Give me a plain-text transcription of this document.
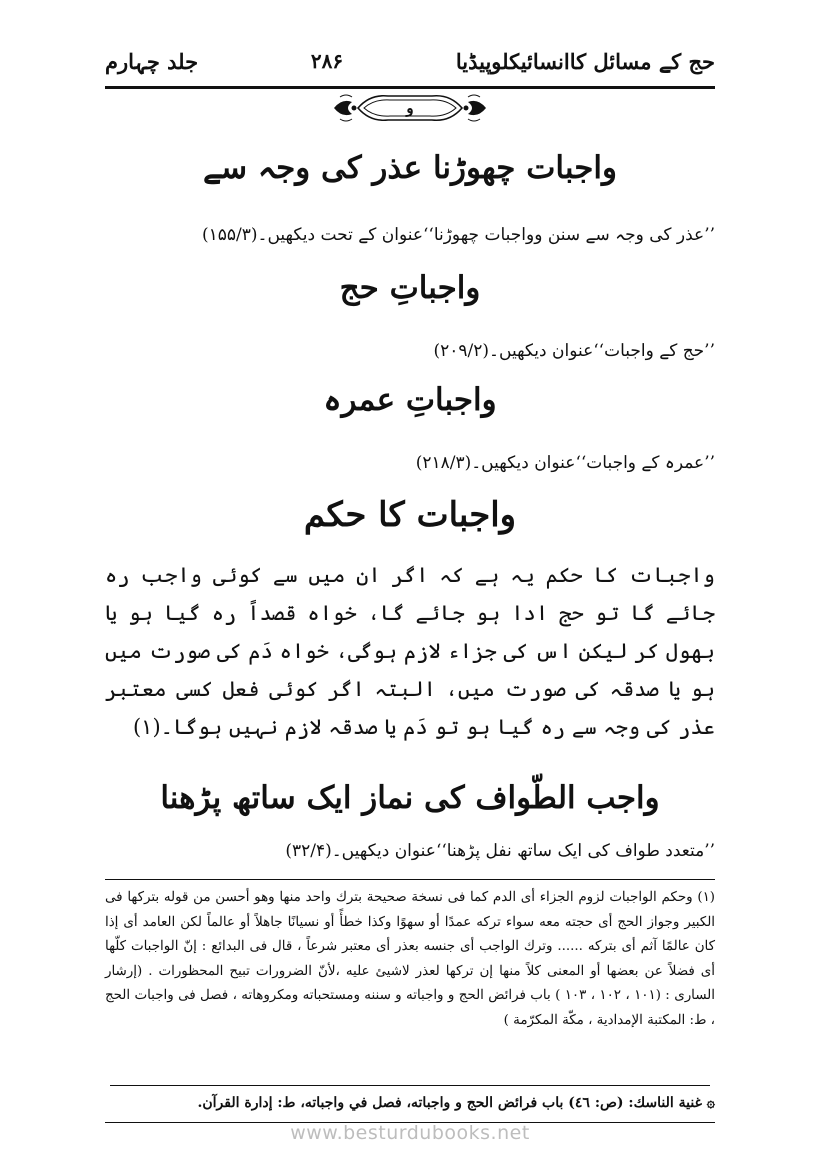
حج کے مسائل کاانسائیکلوپیڈیا
۲۸۶
جلد چہارم
و
واجبات چھوڑنا عذر کی وجہ سے
’’عذر کی وجہ سے سنن وواجبات چھوڑنا‘‘عنوان کے تحت دیکھیں۔(۱۵۵/۳)
واجباتِ حج
’’حج کے واجبات‘‘عنوان دیکھیں۔(۲۰۹/۲)
واجباتِ عمرہ
’’عمرہ کے واجبات‘‘عنوان دیکھیں۔(۲۱۸/۳)
واجبات کا حکم
واجبات کا حکم یہ ہے کہ اگر ان میں سے کوئی واجب رہ جائے گا تو حج ادا ہو جائے گا، خواہ قصداً رہ گیا ہو یا بھول کر لیکن اس کی جزاء لازم ہوگی، خواہ دَم کی صورت میں ہو یا صدقہ کی صورت میں، البتہ اگر کوئی فعل کسی معتبر عذر کی وجہ سے رہ گیا ہو تو دَم یا صدقہ لازم نہیں ہوگا۔(۱)
واجب الطّواف کی نماز ایک ساتھ پڑھنا
’’متعدد طواف کی ایک ساتھ نفل پڑھنا‘‘عنوان دیکھیں۔(۳۲/۴)
(۱) وحكم الواجبات لزوم الجزاء أى الدم كما فى نسخة صحيحة بترك واحد منها وهو أحسن من قوله بتركها فى الكبير وجواز الحج أى حجته معه سواء تركه عمدًا أو سهوًا وكذا خطأً أو نسيانًا جاهلاً أو عالماً لكن العامد أى إذا كان عالمًا آثم أى بتركه ...... وترك الواجب أى جنسه بعذر أى معتبر شرعاً ، قال فى البدائع : إنّ الواجبات كلّها أى فضلاً عن بعضها أو المعنى كلاً منها إن تركها لعذر لاشيئ عليه ،لأنّ الضرورات تبيح المحظورات . (إرشار السارى : (١٠١ ، ١٠٢ ، ١٠٣ ) باب فرائض الحج و واجباته و سننه ومستحباته ومكروهاته ، فصل فى واجبات الحج ، ط: المكتبة الإمدادية ، مكّة المكرّمة )
۞ غنية الناسك: (ص: ٤٦) باب فرائض الحج و واجباته، فصل في واجباته، ط: إدارة القرآن.
www.besturdubooks.net
